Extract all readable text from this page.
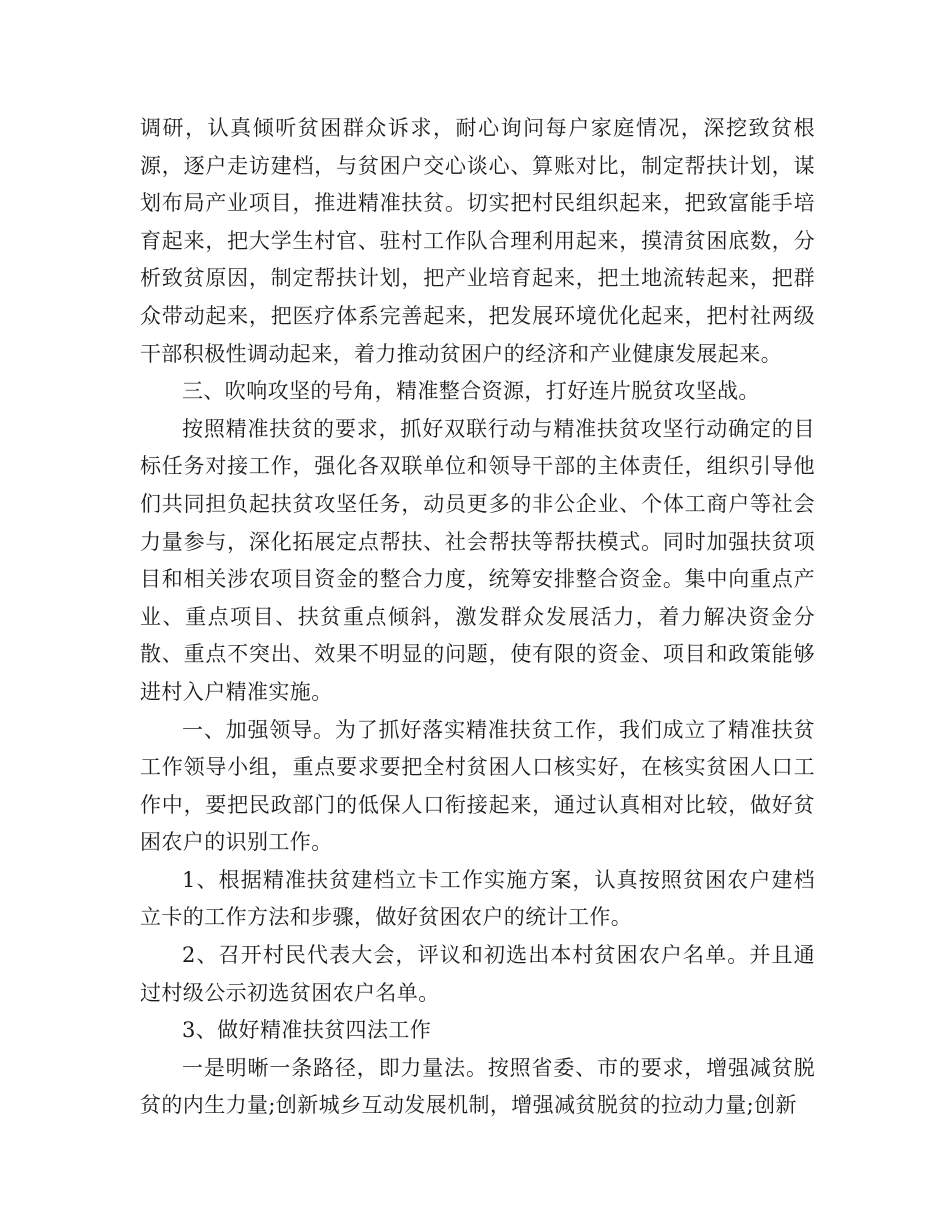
调研，认真倾听贫困群众诉求，耐心询问每户家庭情况，深挖致贫根源，逐户走访建档，与贫困户交心谈心、算账对比，制定帮扶计划，谋划布局产业项目，推进精准扶贫。切实把村民组织起来，把致富能手培育起来，把大学生村官、驻村工作队合理利用起来，摸清贫困底数，分析致贫原因，制定帮扶计划，把产业培育起来，把土地流转起来，把群众带动起来，把医疗体系完善起来，把发展环境优化起来，把村社两级干部积极性调动起来，着力推动贫困户的经济和产业健康发展起来。

三、吹响攻坚的号角，精准整合资源，打好连片脱贫攻坚战。

按照精准扶贫的要求，抓好双联行动与精准扶贫攻坚行动确定的目标任务对接工作，强化各双联单位和领导干部的主体责任，组织引导他们共同担负起扶贫攻坚任务，动员更多的非公企业、个体工商户等社会力量参与，深化拓展定点帮扶、社会帮扶等帮扶模式。同时加强扶贫项目和相关涉农项目资金的整合力度，统筹安排整合资金。集中向重点产业、重点项目、扶贫重点倾斜，激发群众发展活力，着力解决资金分散、重点不突出、效果不明显的问题，使有限的资金、项目和政策能够进村入户精准实施。

一、加强领导。为了抓好落实精准扶贫工作，我们成立了精准扶贫工作领导小组，重点要求要把全村贫困人口核实好，在核实贫困人口工作中，要把民政部门的低保人口衔接起来，通过认真相对比较，做好贫困农户的识别工作。

1、根据精准扶贫建档立卡工作实施方案，认真按照贫困农户建档立卡的工作方法和步骤，做好贫困农户的统计工作。

2、召开村民代表大会，评议和初选出本村贫困农户名单。并且通过村级公示初选贫困农户名单。

3、做好精准扶贫四法工作

一是明晰一条路径，即力量法。按照省委、市的要求，增强减贫脱贫的内生力量;创新城乡互动发展机制，增强减贫脱贫的拉动力量;创新
